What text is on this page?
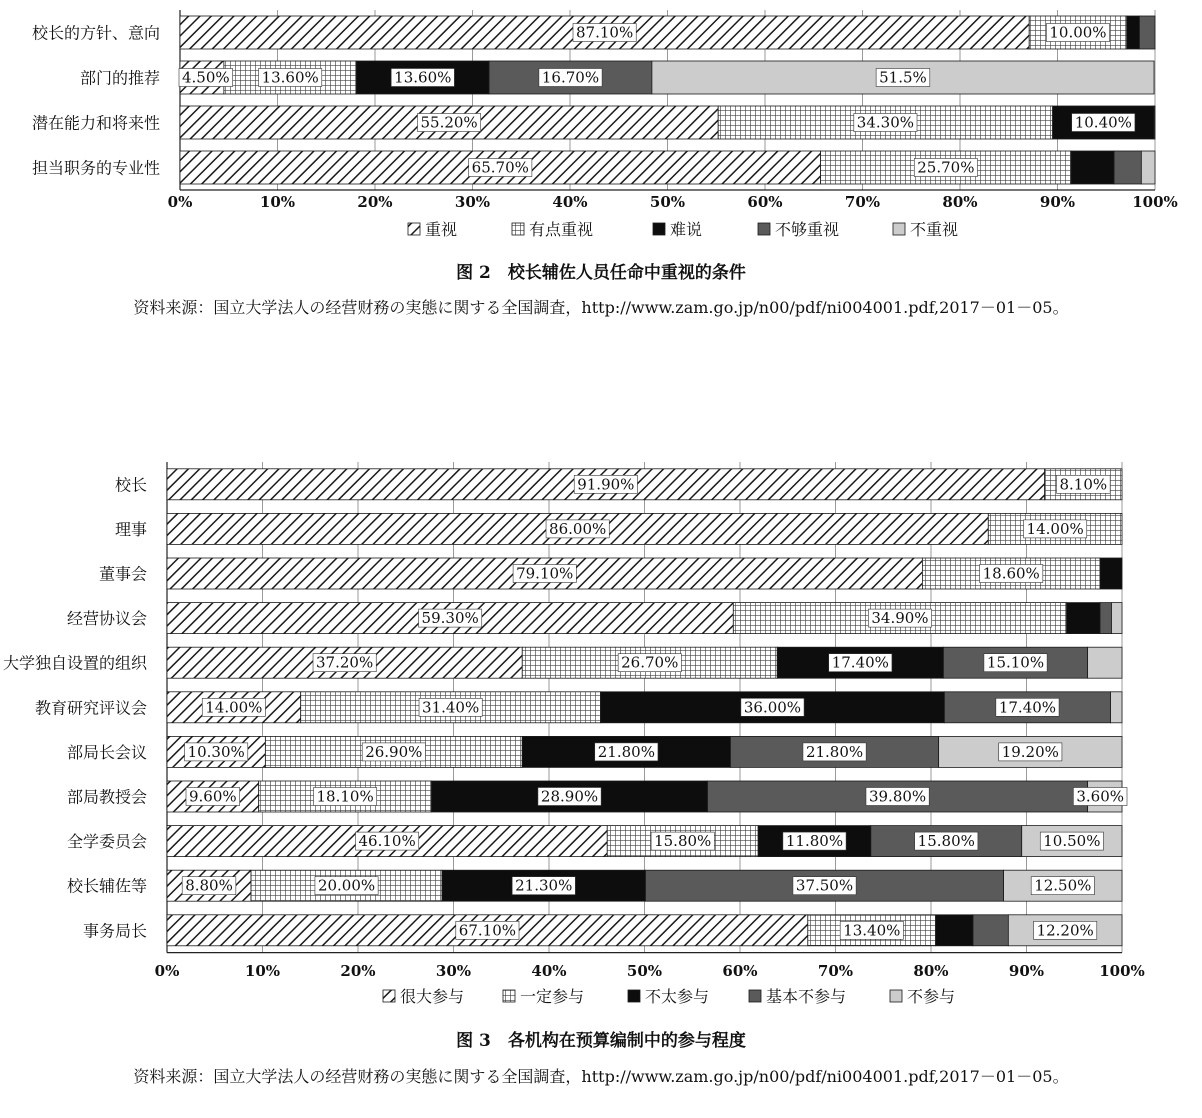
87.10%	10.00%
校长的方针、意向
4.50% 13.60%	13.60%	16.70%	51.5%
部门的推荐
55.20%	34.30%	10.40%
潜在能力和将来性
65.70%	25.70%
担当职务的专业性
0%	10%	20%	30%	40%	50%	60%	70%	80%	90%	100%
重视	有点重视	难说	不够重视	不重视
图 2　校长辅佐人员任命中重视的条件
资料来源：国立大学法人の经营财務の実態に関する全国調査，http://www.zam.go.jp/n00/pdf/ni004001.pdf,2017－01－05。
91.90%	8.10%
校长
86.00%	14.00%
理事
79.10%	18.60%
董事会
59.30%	34.90%
经营协议会
37.20%	26.70%	17.40%	15.10%
大学独自设置的组织
14.00%	31.40%	36.00%	17.40%
教育研究评议会
10.30%	26.90%	21.80%	21.80%	19.20%
部局长会议
9.60%	18.10%	28.90%	39.80%	3.60%
部局教授会
46.10%	15.80%	11.80%	15.80%	10.50%
全学委员会
8.80%	20.00%	21.30%	37.50%	12.50%
校长辅佐等
67.10%	13.40%	12.20%
事务局长
0%	10%	20%	30%	40%	50%	60%	70%	80%	90%	100%
很大参与	一定参与	不太参与	基本不参与	不参与
图 3　各机构在预算编制中的参与程度
资料来源：国立大学法人の经营财務の実態に関する全国調査，http://www.zam.go.jp/n00/pdf/ni004001.pdf,2017－01－05。
